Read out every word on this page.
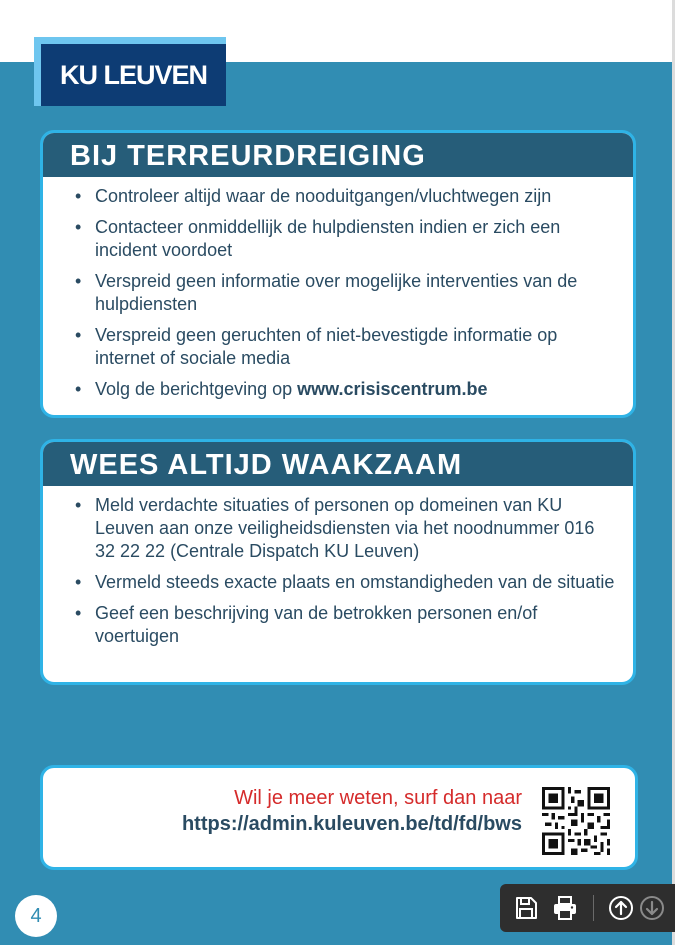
KU LEUVEN
BIJ TERREURDREIGING
• Controleer altijd waar de nooduitgangen/vluchtwegen zijn
• Contacteer onmiddellijk de hulpdiensten indien er zich een incident voordoet
• Verspreid geen informatie over mogelijke interventies van de hulpdiensten
• Verspreid geen geruchten of niet-bevestigde informatie op internet of sociale media
• Volg de berichtgeving op www.crisiscentrum.be
WEES ALTIJD WAAKZAAM
• Meld verdachte situaties of personen op domeinen van KU Leuven aan onze veiligheidsdiensten via het noodnummer 016 32 22 22 (Centrale Dispatch KU Leuven)
• Vermeld steeds exacte plaats en omstandigheden van de situatie
• Geef een beschrijving van de betrokken personen en/of voertuigen
Wil je meer weten, surf dan naar
https://admin.kuleuven.be/td/fd/bws
4
